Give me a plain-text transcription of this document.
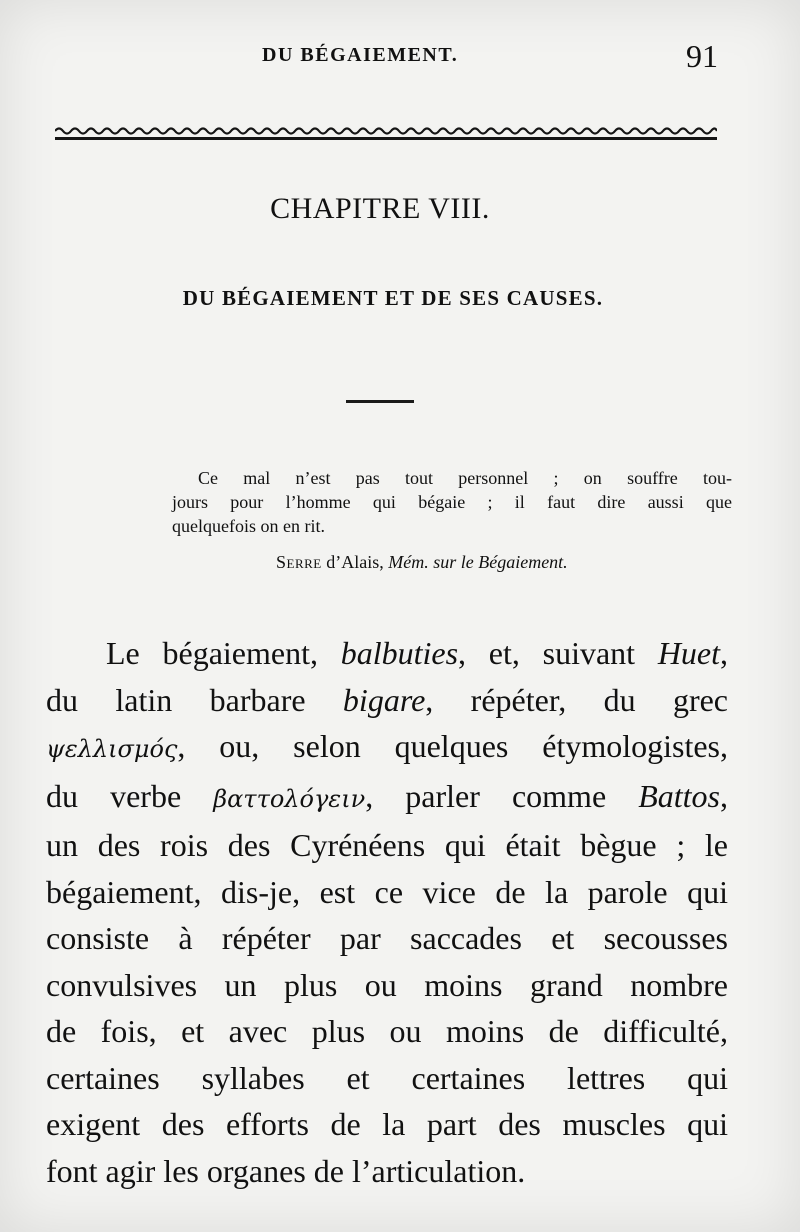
DU BÉGAIEMENT.	91
CHAPITRE VIII.
DU BÉGAIEMENT ET DE SES CAUSES.
Ce mal n’est pas tout personnel ; on souffre tou-
jours pour l’homme qui bégaie ; il faut dire aussi que
quelquefois on en rit.
Serre d’Alais, Mém. sur le Bégaiement.
Le bégaiement, balbuties, et, suivant Huet,
du latin barbare bigare, répéter, du grec
ψελλισμός, ou, selon quelques étymologistes,
du verbe βαττολόγειν, parler comme Battos,
un des rois des Cyrénéens qui était bègue ; le
bégaiement, dis-je, est ce vice de la parole qui
consiste à répéter par saccades et secousses
convulsives un plus ou moins grand nombre
de fois, et avec plus ou moins de difficulté,
certaines syllabes et certaines lettres qui
exigent des efforts de la part des muscles qui
font agir les organes de l’articulation.
